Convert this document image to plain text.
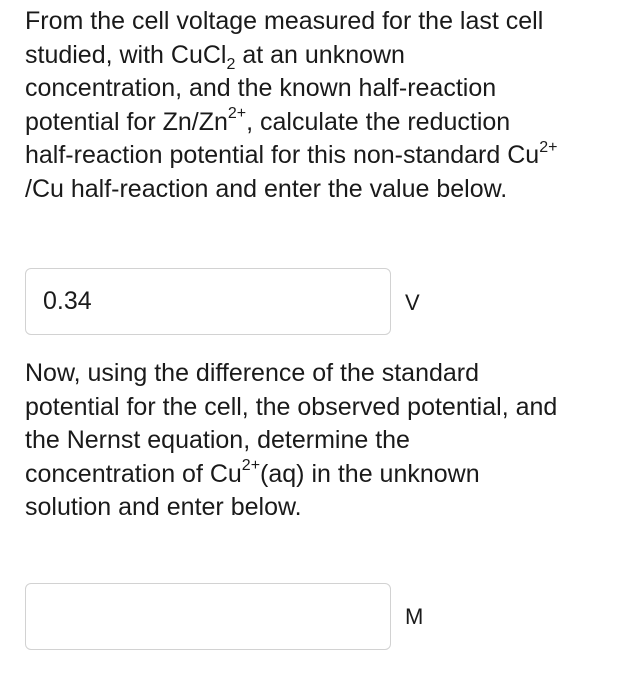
From the cell voltage measured for the last cell
studied, with CuCl$_2$ at an unknown
concentration, and the known half-reaction
potential for $Zn/Zn^{2+}$, calculate the reduction
half-reaction potential for this non-standard $Cu^{2+}$
/Cu half-reaction and enter the value below.
0.34
V
Now, using the difference of the standard
potential for the cell, the observed potential, and
the Nernst equation, determine the
concentration of $Cu^{2+}(aq)$ in the unknown
solution and enter below.
M
